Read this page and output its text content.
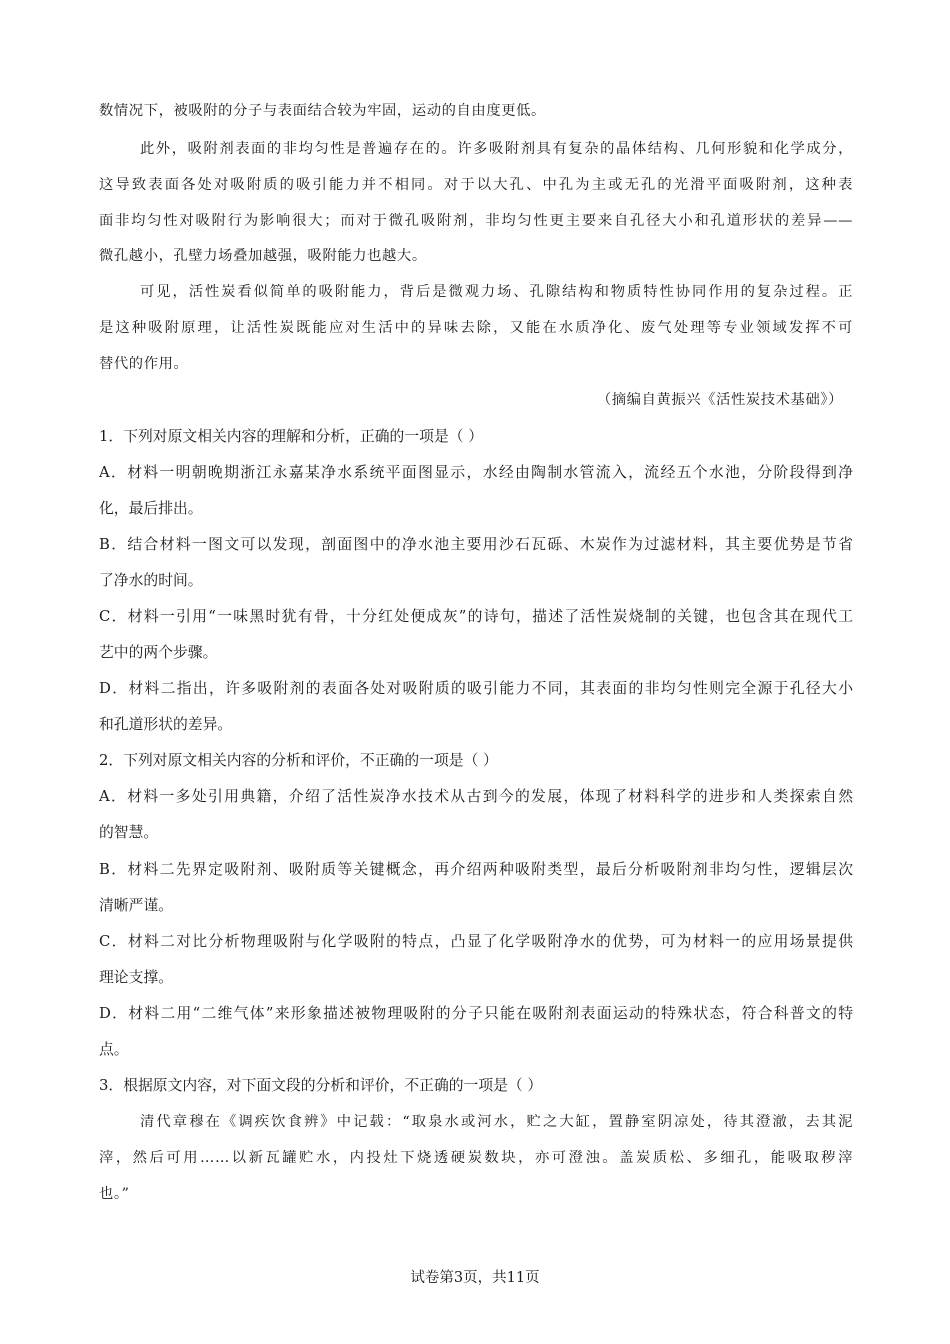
数情况下，被吸附的分子与表面结合较为牢固，运动的自由度更低。
此外，吸附剂表面的非均匀性是普遍存在的。许多吸附剂具有复杂的晶体结构、几何形貌和化学成分，
这导致表面各处对吸附质的吸引能力并不相同。对于以大孔、中孔为主或无孔的光滑平面吸附剂，这种表
面非均匀性对吸附行为影响很大；而对于微孔吸附剂，非均匀性更主要来自孔径大小和孔道形状的差异——
微孔越小，孔壁力场叠加越强，吸附能力也越大。
可见，活性炭看似简单的吸附能力，背后是微观力场、孔隙结构和物质特性协同作用的复杂过程。正
是这种吸附原理，让活性炭既能应对生活中的异味去除，又能在水质净化、废气处理等专业领域发挥不可
替代的作用。
（摘编自黄振兴《活性炭技术基础》）
1．下列对原文相关内容的理解和分析，正确的一项是（ ）
A．材料一明朝晚期浙江永嘉某净水系统平面图显示，水经由陶制水管流入，流经五个水池，分阶段得到净
化，最后排出。
B．结合材料一图文可以发现，剖面图中的净水池主要用沙石瓦砾、木炭作为过滤材料，其主要优势是节省
了净水的时间。
C．材料一引用“一味黑时犹有骨，十分红处便成灰”的诗句，描述了活性炭烧制的关键，也包含其在现代工
艺中的两个步骤。
D．材料二指出，许多吸附剂的表面各处对吸附质的吸引能力不同，其表面的非均匀性则完全源于孔径大小
和孔道形状的差异。
2．下列对原文相关内容的分析和评价，不正确的一项是（ ）
A．材料一多处引用典籍，介绍了活性炭净水技术从古到今的发展，体现了材料科学的进步和人类探索自然
的智慧。
B．材料二先界定吸附剂、吸附质等关键概念，再介绍两种吸附类型，最后分析吸附剂非均匀性，逻辑层次
清晰严谨。
C．材料二对比分析物理吸附与化学吸附的特点，凸显了化学吸附净水的优势，可为材料一的应用场景提供
理论支撑。
D．材料二用“二维气体”来形象描述被物理吸附的分子只能在吸附剂表面运动的特殊状态，符合科普文的特
点。
3．根据原文内容，对下面文段的分析和评价，不正确的一项是（ ）
清代章穆在《调疾饮食辨》中记载：“取泉水或河水，贮之大缸，置静室阴凉处，待其澄澈，去其泥
滓，然后可用……以新瓦罐贮水，内投灶下烧透硬炭数块，亦可澄浊。盖炭质松、多细孔，能吸取秽滓
也。”
试卷第3页，共11页
